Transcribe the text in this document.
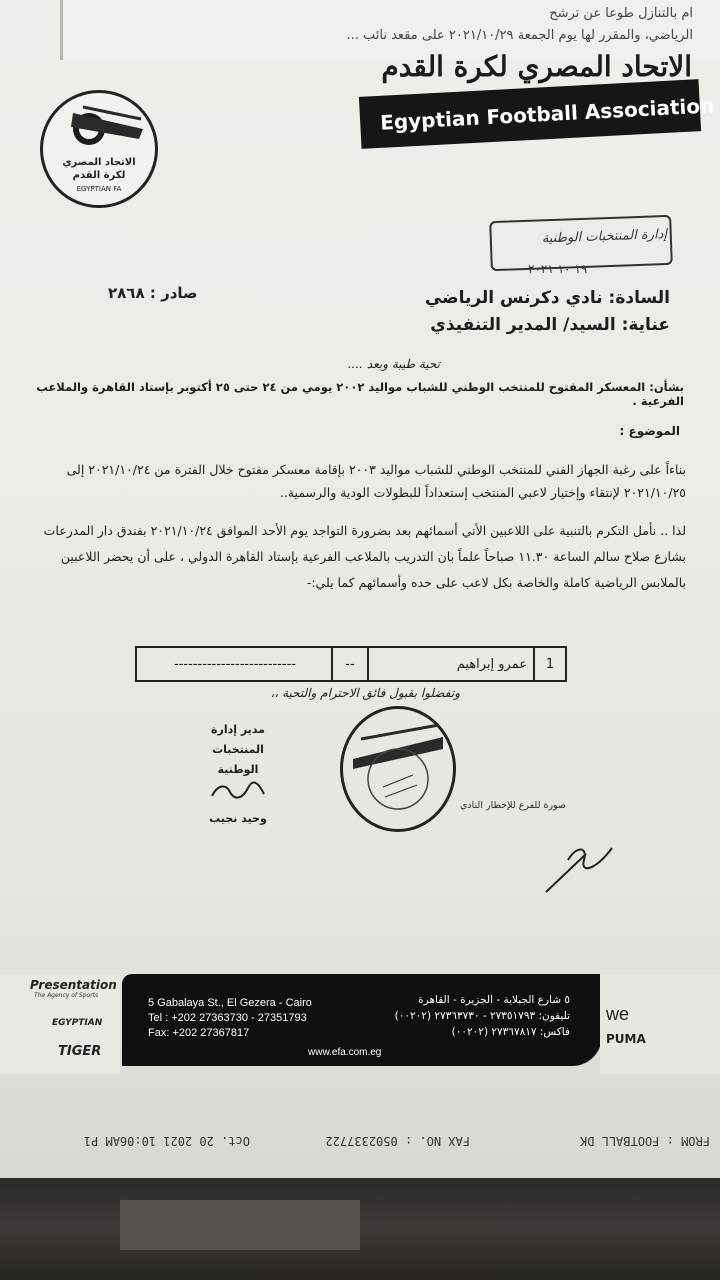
ام بالتنازل طوعا عن ترشح
الرياضي، والمقرر لها يوم الجمعة ٢٠٢١/١٠/٢٩ على مقعد نائب ...
الاتحاد المصري
لكرة القدم
EGYPTIAN FA
الاتحاد المصري لكرة القدم
Egyptian Football Association
إدارة المنتخبات الوطنية
١٩ ١٠ ٢٠٢١
صادر : ٢٨٦٨	السادة: نادي دكرنس الرياضي
عناية: السيد/ المدير التنفيذي
تحية طيبة وبعد ....
بشأن: المعسكر المفتوح للمنتخب الوطني للشباب مواليد ٢٠٠٢ يومي من ٢٤ حتى ٢٥ أكتوبر بإستاد القاهرة والملاعب الفرعية .
الموضوع :
بناءاً على رغبة الجهاز الفني للمنتخب الوطني للشباب مواليد ٢٠٠٣ بإقامة معسكر مفتوح خلال الفترة من ٢٠٢١/١٠/٢٤ إلى ٢٠٢١/١٠/٢٥ لإنتقاء وإختيار لاعبي المنتخب إستعداداً للبطولات الودية والرسمية..
لذا .. نأمل التكرم بالتنبية على اللاعبين الأتي أسمائهم بعد بضرورة التواجد يوم الأحد الموافق ٢٠٢١/١٠/٢٤ بفندق دار المدرعات بشارع صلاح سالم الساعة ١١.٣٠ صباحاً علماً بان التدريب بالملاعب الفرعية بإستاد القاهرة الدولي ، على أن يحضر اللاعبين بالملابس الرياضية كاملة والخاصة بكل لاعب على حده وأسمائهم كما يلي:-
1
عمرو إبراهيم
--
--------------------------
وتفضلوا بقبول فائق الاحترام والتحية ،،
مدير إدارة
المنتخبات الوطنية
وحيد نجيب
صورة للفرع للإخطار النادي
Presentation
The Agency of Sports
EGYPTIAN
TIGER
5 Gabalaya St., El Gezera - Cairo
Tel : +202 27363730 - 27351793
Fax: +202 27367817
٥ شارع الجبلاية - الجزيرة - القاهرة
تليفون: ٢٧٣٥١٧٩٣ - ٢٧٣٦٣٧٣٠ (٠٠٢٠٢)
فاكس: ٢٧٣٦٧٨١٧ (٠٠٢٠٢)
www.efa.com.eg
we
PUMA
FROM : FOOTBALL DK
FAX NO. : 0502337722
Oct. 20 2021 10:06AM P1
